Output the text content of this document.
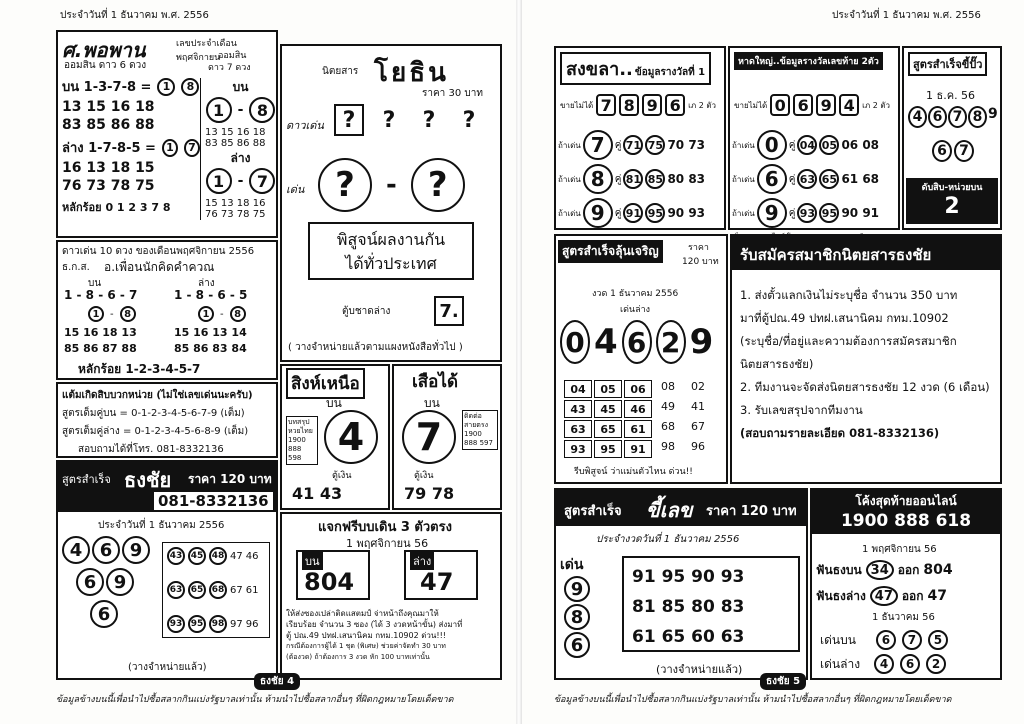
ประจำวันที่ 1 ธันวาคม พ.ศ. 2556
ศ.พอพาน
ออมสิน ดาว 6 ดวง
เลขประจำเดือนพฤศจิกายน
ออมสิน
ดาว 7 ดวง
บน 1-3-7-8 =	1	8
13 15 16 18
83 85 86 88
ล่าง 1-7-8-5 = 1	7
16 13 18 15
76 73 78 75
หลักร้อย 0 1 2 3 7 8
บน
1 - 8
13 15 16 18
83 85 86 88
ล่าง
1 - 7
15 13 18 16
76 73 78 75
นิตยสาร โยธิน
ราคา 30 บาท
ดาวเด่น ?	?	?	?
เด่น ?	- ?
พิสูจน์ผลงานกัน
ได้ทั่วประเทศ
ตู้บชาดล่าง	7.
( วางจำหน่ายแล้วตามแผงหนังสือทั่วไป )
ดาวเด่น 10 ดวง ของเดือนพฤศจิกายน 2556
ธ.ก.ส. อ.เพื่อนนักคิดคำควณ
บน	ล่าง
1 - 8 - 6 - 7	1 - 8 - 6 - 5
1	-	8	1	-	8
15 16 18 13	15 16 13 14
85 86 87 88	85 86 83 84
หลักร้อย 1-2-3-4-5-7
แต้มเกิดสิบบวกหน่วย (ไม่ใช่เลขเด่นนะครับ)
สูตรเด็มคู่บน = 0-1-2-3-4-5-6-7-9 (เต็ม)
สูตรเต็มคู่ล่าง = 0-1-2-3-4-5-6-8-9 (เต็ม)
สอบถามได้ที่โทร. 081-8332136
สูตรสำเร็จ ธงชัย ราคา 120 บาท
081-8332136
ประจำวันที่ 1 ธันวาคม 2556
4 6 9
6 9
6
43 45 48 47 46
63 65 68 67 61
93 95 98 97 96
(วางจำหน่ายแล้ว)
สิงห์เหนือ
บน
บทสรุป หวยไทย 1900 888 598 4
ตู้เงิน
41 43
เสือได้
บน
7	ติดต่อ สายตรง 1900 888 597
ตู้เงิน
79 78
แจกฟรีบบเดิน 3 ตัวตรง
1 พฤศจิกายน 56
บน
804
ล่าง
47
ให้ส่งซองเปล่าติดแสตมป์ จ่าหน้าถึงคุณมาให้
เรียบร้อย จำนวน 3 ซอง (ได้ 3 งวดหน้าขั้น) ส่งมาที่
ตู้ ปณ.49 ปทฝ.เสนานิคม กทม.10902 ด่วน!!!
กรณีต้องการผู้ได้ 1 ชุด (พิเศษ) ช่วยค่าจัดทำ 30 บาท
(ต้องวด) ถ้าต้องการ 3 งวด หัก 100 บาทเท่านั้น
ธงชัย 4
ข้อมูลข้างบนนี้เพื่อนำไปซื้อสลากกินแบ่งรัฐบาลเท่านั้น ห้ามนำไปซื้อสลากอื่นๆ ที่ผิดกฎหมายโดยเด็ดขาด
ประจำวันที่ 1 ธันวาคม พ.ศ. 2556
สงขลา.. ข้อมูลรางวัลที่ 1
ขายไม่ได้ 7 8 9 6 เภ 2 ตัว
ถ้าเด่น 7	คู่ 71 75 70 73
ถ้าเด่น 8	คู่ 81 85 80 83
ถ้าเด่น 9	คู่ 91 95 90 93
หาดใหญ่..ข้อมูลรางวัลเลขท้าย 2ตัว
ขายไม่ได้ 0 6 9 4 เภ 2 ตัว
ถ้าเด่น 0	คู่ 04 05 06 08
ถ้าเด่น 6	คู่ 63 65 61 68
ถ้าเด่น 9	คู่ 93 95 90 91
สูตรสำเร็จขี้ปั๊ว
1 ธ.ค. 56
4 6 7 8 9
6 7
ดับสิบ-หน่วยบน
2
สูตรสำเร็จลุ้นเจริญ	ราคา
120 บาท
งวด 1 ธันวาคม 2556
เด่นล่าง
0 4 6 2 9
04	05	06	08	02
43	45	46	49	41
63	65	61	68	67
93	95	91	98	96
รีบพิสูจน์ ว่าแม่นตัวไหน ด่วน!!
รับสมัครสมาชิกนิตยสารธงชัย
1. ส่งตั้วแลกเงินไม่ระบุชื่อ จำนวน 350 บาท
มาที่ตู้ปณ.49 ปทฝ.เสนานิคม กทม.10902
(ระบุชื่อ/ที่อยู่และความต้องการสมัครสมาชิก
นิตยสารธงชัย)
2. ทีมงานจะจัดส่งนิตยสารธงชัย 12 งวด (6 เดือน)
3. รับเลขสรุปจากทีมงาน
(สอบถามรายละเอียด 081-8332136)
สูตรสำเร็จ ขี้เลข ราคา 120 บาท
ประจำงวดวันที่ 1 ธันวาคม 2556
เด่น
9
8
6
91 95 90 93
81 85 80 83
61 65 60 63
(วางจำหน่ายแล้ว)
โค้งสุดท้ายออนไลน์
1900 888 618
1 พฤศจิกายน 56
ฟันธงบน 34 ออก 804
ฟันธงล่าง 47 ออก 47
1 ธันวาคม 56
เด่นบน	6	7	5
เด่นล่าง	4	6	2
ธงชัย 5
ข้อมูลข้างบนนี้เพื่อนำไปซื้อสลากกินแบ่งรัฐบาลเท่านั้น ห้ามนำไปซื้อสลากอื่นๆ ที่ผิดกฎหมายโดยเด็ดขาด
